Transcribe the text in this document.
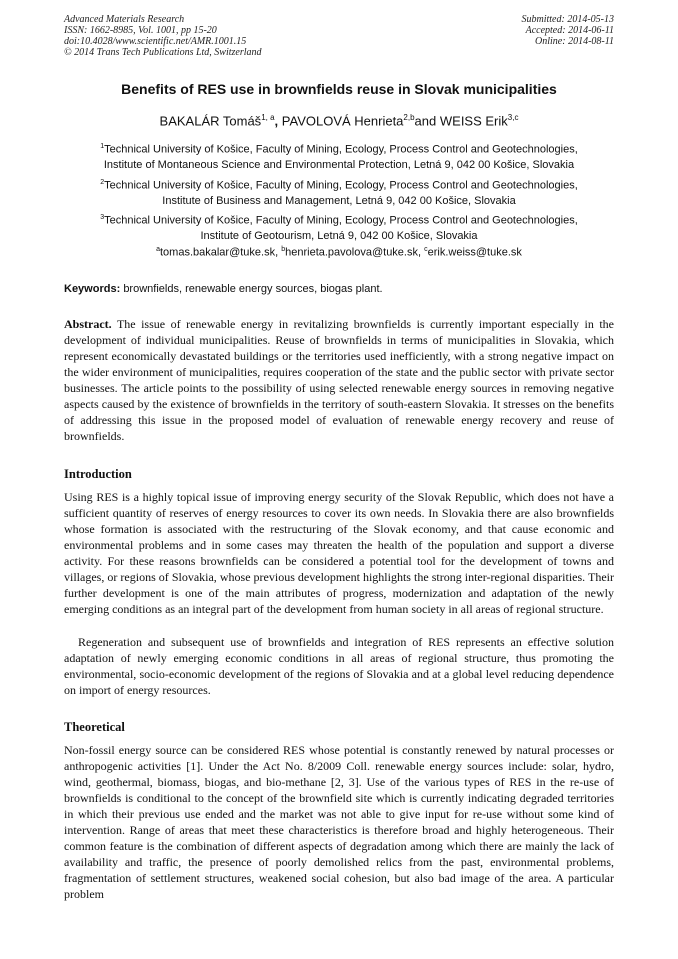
Advanced Materials Research
ISSN: 1662-8985, Vol. 1001, pp 15-20
doi:10.4028/www.scientific.net/AMR.1001.15
© 2014 Trans Tech Publications Ltd, Switzerland
Submitted: 2014-05-13
Accepted: 2014-06-11
Online: 2014-08-11
Benefits of RES use in brownfields reuse in Slovak municipalities
BAKALÁR Tomáš$^{1, a}$, PAVOLOVÁ Henrieta$^{2,b}$and WEISS Erik$^{3,c}$
$^1$Technical University of Košice, Faculty of Mining, Ecology, Process Control and Geotechnologies,
Institute of Montaneous Science and Environmental Protection, Letná 9, 042 00 Košice, Slovakia
$^2$Technical University of Košice, Faculty of Mining, Ecology, Process Control and Geotechnologies,
Institute of Business and Management, Letná 9, 042 00 Košice, Slovakia
$^3$Technical University of Košice, Faculty of Mining, Ecology, Process Control and Geotechnologies,
Institute of Geotourism, Letná 9, 042 00 Košice, Slovakia
$^a$tomas.bakalar@tuke.sk, $^b$henrieta.pavolova@tuke.sk, $^c$erik.weiss@tuke.sk
Keywords: brownfields, renewable energy sources, biogas plant.
Abstract. The issue of renewable energy in revitalizing brownfields is currently important especially in the development of individual municipalities. Reuse of brownfields in terms of municipalities in Slovakia, which represent economically devastated buildings or the territories used inefficiently, with a strong negative impact on the wider environment of municipalities, requires cooperation of the state and the public sector with private sector businesses. The article points to the possibility of using selected renewable energy sources in removing negative aspects caused by the existence of brownfields in the territory of south-eastern Slovakia. It stresses on the benefits of addressing this issue in the proposed model of evaluation of renewable energy recovery and reuse of brownfields.
Introduction
Using RES is a highly topical issue of improving energy security of the Slovak Republic, which does not have a sufficient quantity of reserves of energy resources to cover its own needs. In Slovakia there are also brownfields whose formation is associated with the restructuring of the Slovak economy, and that cause economic and environmental problems and in some cases may threaten the health of the population and support a diverse activity. For these reasons brownfields can be considered a potential tool for the development of towns and villages, or regions of Slovakia, whose previous development highlights the strong inter-regional disparities. Their further development is one of the main attributes of progress, modernization and adaptation of the newly emerging conditions as an integral part of the development from human society in all areas of regional structure.
Regeneration and subsequent use of brownfields and integration of RES represents an effective solution adaptation of newly emerging economic conditions in all areas of regional structure, thus promoting the environmental, socio-economic development of the regions of Slovakia and at a global level reducing dependence on import of energy resources.
Theoretical
Non-fossil energy source can be considered RES whose potential is constantly renewed by natural processes or anthropogenic activities [1]. Under the Act No. 8/2009 Coll. renewable energy sources include: solar, hydro, wind, geothermal, biomass, biogas, and bio-methane [2, 3]. Use of the various types of RES in the re-use of brownfields is conditional to the concept of the brownfield site which is currently indicating degraded territories in which their previous use ended and the market was not able to give input for re-use without some kind of intervention. Range of areas that meet these characteristics is therefore broad and highly heterogeneous. Their common feature is the combination of different aspects of degradation among which there are mainly the lack of availability and traffic, the presence of poorly demolished relics from the past, environmental problems, fragmentation of settlement structures, weakened social cohesion, but also bad image of the area. A particular problem
